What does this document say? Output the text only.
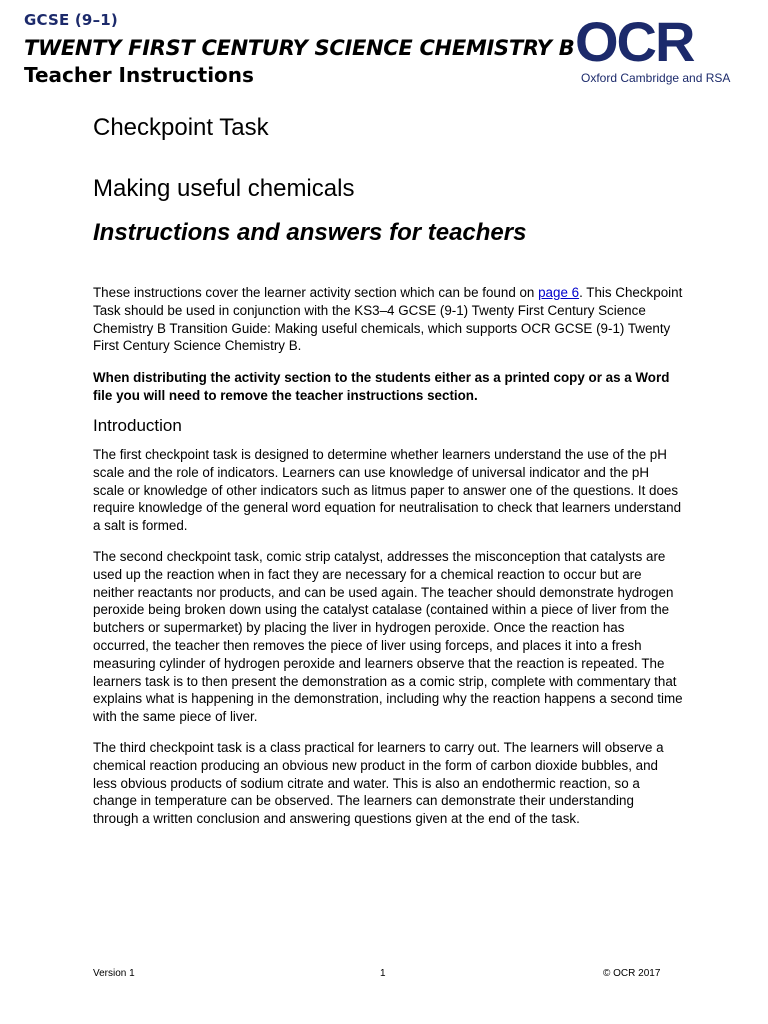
GCSE (9–1)
TWENTY FIRST CENTURY SCIENCE CHEMISTRY B
Teacher Instructions
OCR
Oxford Cambridge and RSA
Checkpoint Task
Making useful chemicals
Instructions and answers for teachers

These instructions cover the learner activity section which can be found on page 6. This Checkpoint Task should be used in conjunction with the KS3–4 GCSE (9-1) Twenty First Century Science Chemistry B Transition Guide: Making useful chemicals, which supports OCR GCSE (9-1) Twenty First Century Science Chemistry B.

When distributing the activity section to the students either as a printed copy or as a Word file you will need to remove the teacher instructions section.

Introduction

The first checkpoint task is designed to determine whether learners understand the use of the pH scale and the role of indicators. Learners can use knowledge of universal indicator and the pH scale or knowledge of other indicators such as litmus paper to answer one of the questions. It does require knowledge of the general word equation for neutralisation to check that learners understand a salt is formed.

The second checkpoint task, comic strip catalyst, addresses the misconception that catalysts are used up the reaction when in fact they are necessary for a chemical reaction to occur but are neither reactants nor products, and can be used again. The teacher should demonstrate hydrogen peroxide being broken down using the catalyst catalase (contained within a piece of liver from the butchers or supermarket) by placing the liver in hydrogen peroxide. Once the reaction has occurred, the teacher then removes the piece of liver using forceps, and places it into a fresh measuring cylinder of hydrogen peroxide and learners observe that the reaction is repeated. The learners task is to then present the demonstration as a comic strip, complete with commentary that explains what is happening in the demonstration, including why the reaction happens a second time with the same piece of liver.

The third checkpoint task is a class practical for learners to carry out. The learners will observe a chemical reaction producing an obvious new product in the form of carbon dioxide bubbles, and less obvious products of sodium citrate and water. This is also an endothermic reaction, so a change in temperature can be observed. The learners can demonstrate their understanding through a written conclusion and answering questions given at the end of the task.

Version 1	1	© OCR 2017
